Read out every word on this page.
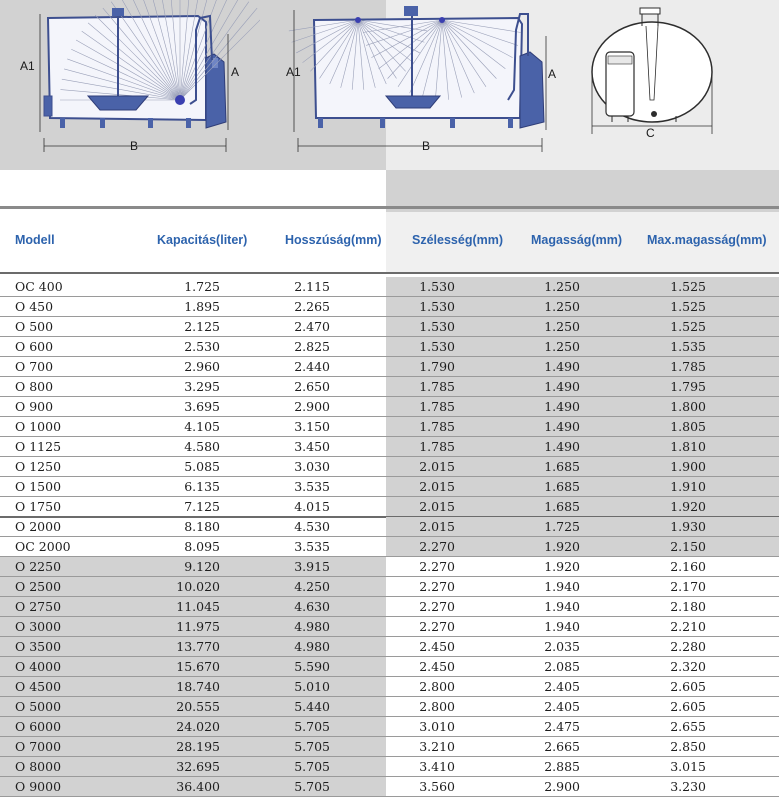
A1	A
B
A1	A
B
C
Modell	Kapacitás(liter)	Hosszúság(mm) Szélesség(mm) Magasság(mm) Max.magasság(mm)
OC 400	1.725	2.115	1.530	1.250	1.525
O 450	1.895	2.265	1.530	1.250	1.525
O 500	2.125	2.470	1.530	1.250	1.525
O 600	2.530	2.825	1.530	1.250	1.535
O 700	2.960	2.440	1.790	1.490	1.785
O 800	3.295	2.650	1.785	1.490	1.795
O 900	3.695	2.900	1.785	1.490	1.800
O 1000	4.105	3.150	1.785	1.490	1.805
O 1125	4.580	3.450	1.785	1.490	1.810
O 1250	5.085	3.030	2.015	1.685	1.900
O 1500	6.135	3.535	2.015	1.685	1.910
O 1750	7.125	4.015	2.015	1.685	1.920
O 2000	8.180	4.530	2.015	1.725	1.930
OC 2000	8.095	3.535	2.270	1.920	2.150
O 2250	9.120	3.915	2.270	1.920	2.160
O 2500	10.020	4.250	2.270	1.940	2.170
O 2750	11.045	4.630	2.270	1.940	2.180
O 3000	11.975	4.980	2.270	1.940	2.210
O 3500	13.770	4.980	2.450	2.035	2.280
O 4000	15.670	5.590	2.450	2.085	2.320
O 4500	18.740	5.010	2.800	2.405	2.605
O 5000	20.555	5.440	2.800	2.405	2.605
O 6000	24.020	5.705	3.010	2.475	2.655
O 7000	28.195	5.705	3.210	2.665	2.850
O 8000	32.695	5.705	3.410	2.885	3.015
O 9000	36.400	5.705	3.560	2.900	3.230
